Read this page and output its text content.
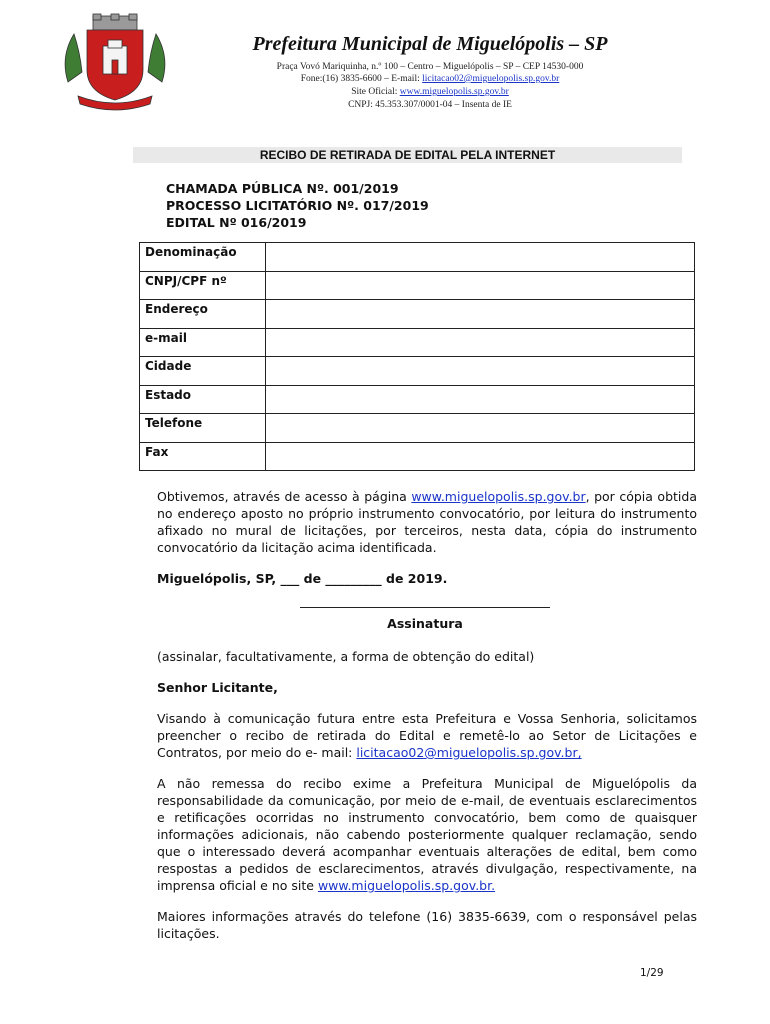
Prefeitura Municipal de Miguelópolis – SP
Praça Vovó Mariquinha, n.º 100 – Centro – Miguelópolis – SP – CEP 14530-000
Fone:(16) 3835-6600 – E-mail: licitacao02@miguelopolis.sp.gov.br
Site Oficial: www.miguelopolis.sp.gov.br
CNPJ: 45.353.307/0001-04 – Insenta de IE
RECIBO DE RETIRADA DE EDITAL PELA INTERNET
CHAMADA PÚBLICA Nº. 001/2019
PROCESSO LICITATÓRIO Nº. 017/2019
EDITAL Nº 016/2019
Denominação
CNPJ/CPF nº
Endereço
e-mail
Cidade
Estado
Telefone
Fax
Obtivemos, através de acesso à página www.miguelopolis.sp.gov.br, por cópia obtida no endereço aposto no próprio instrumento convocatório, por leitura do instrumento afixado no mural de licitações, por terceiros, nesta data, cópia do instrumento convocatório da licitação acima identificada.
Miguelópolis, SP, ___ de _________ de 2019.
Assinatura
(assinalar, facultativamente, a forma de obtenção do edital)
Senhor Licitante,
Visando à comunicação futura entre esta Prefeitura e Vossa Senhoria, solicitamos preencher o recibo de retirada do Edital e remetê-lo ao Setor de Licitações e Contratos, por meio do e- mail: licitacao02@miguelopolis.sp.gov.br,
A não remessa do recibo exime a Prefeitura Municipal de Miguelópolis da responsabilidade da comunicação, por meio de e-mail, de eventuais esclarecimentos e retificações ocorridas no instrumento convocatório, bem como de quaisquer informações adicionais, não cabendo posteriormente qualquer reclamação, sendo que o interessado deverá acompanhar eventuais alterações de edital, bem como respostas a pedidos de esclarecimentos, através divulgação, respectivamente, na imprensa oficial e no site www.miguelopolis.sp.gov.br.
Maiores informações através do telefone (16) 3835-6639, com o responsável pelas licitações.
1/29
